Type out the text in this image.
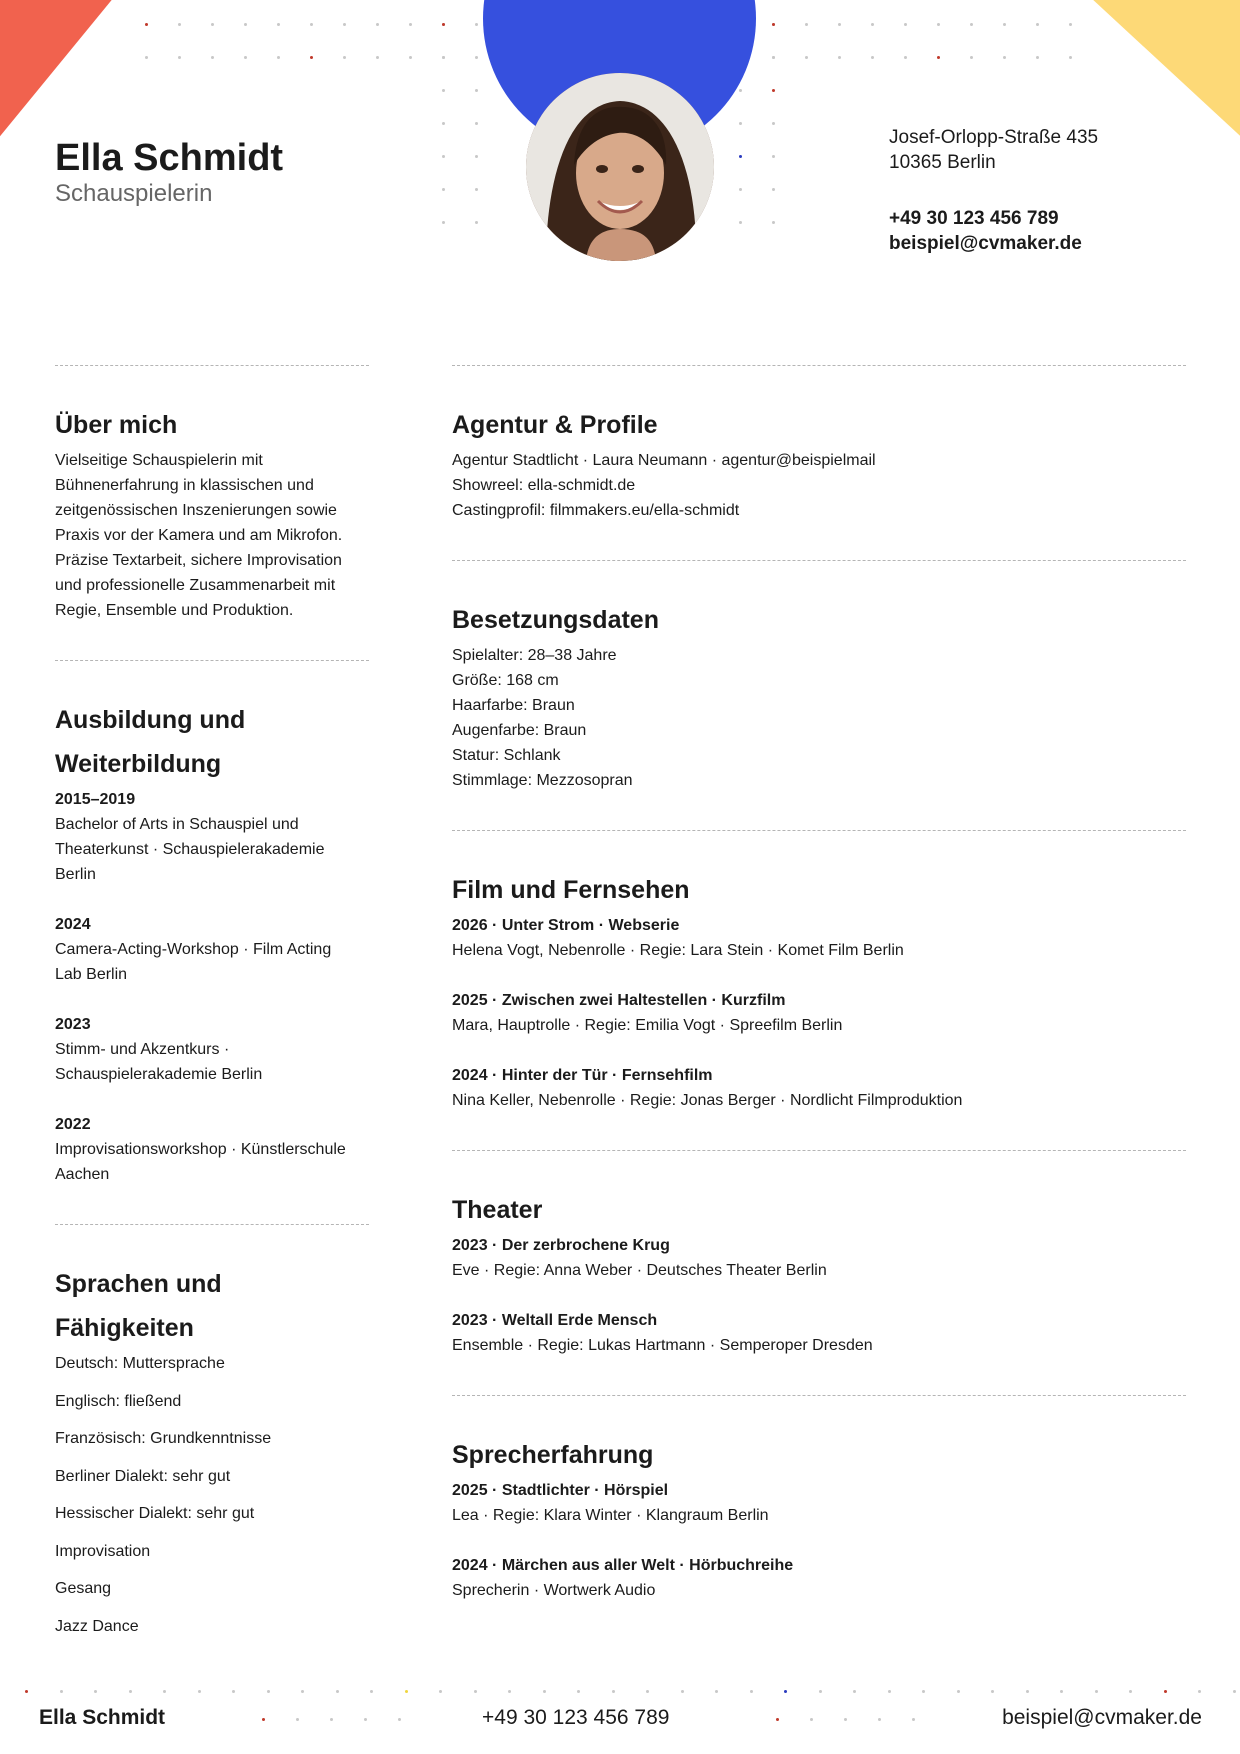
Ella Schmidt

Schauspielerin

Josef-Orlopp-Straße 435
10365 Berlin
+49 30 123 456 789
beispiel@cvmaker.de
Über mich

Vielseitige Schauspielerin mit

Bühnenerfahrung in klassischen und

zeitgenössischen Inszenierungen sowie

Praxis vor der Kamera und am Mikrofon.

Präzise Textarbeit, sichere Improvisation

und professionelle Zusammenarbeit mit

Regie, Ensemble und Produktion.

Ausbildung und
Weiterbildung

2015–2019

Bachelor of Arts in Schauspiel und

Theaterkunst · Schauspielerakademie

Berlin

2024

Camera-Acting-Workshop · Film Acting

Lab Berlin

2023

Stimm- und Akzentkurs ·

Schauspielerakademie Berlin

2022

Improvisationsworkshop · Künstlerschule

Aachen

Sprachen und
Fähigkeiten

Deutsch: Muttersprache

Englisch: fließend

Französisch: Grundkenntnisse

Berliner Dialekt: sehr gut

Hessischer Dialekt: sehr gut

Improvisation

Gesang

Jazz Dance

Agentur & Profile

Agentur Stadtlicht · Laura Neumann · agentur@beispielmail

Showreel: ella-schmidt.de

Castingprofil: filmmakers.eu/ella-schmidt

Besetzungsdaten

Spielalter: 28–38 Jahre

Größe: 168 cm

Haarfarbe: Braun

Augenfarbe: Braun

Statur: Schlank

Stimmlage: Mezzosopran

Film und Fernsehen

2026 · Unter Strom · Webserie

Helena Vogt, Nebenrolle · Regie: Lara Stein · Komet Film Berlin

2025 · Zwischen zwei Haltestellen · Kurzfilm

Mara, Hauptrolle · Regie: Emilia Vogt · Spreefilm Berlin

2024 · Hinter der Tür · Fernsehfilm

Nina Keller, Nebenrolle · Regie: Jonas Berger · Nordlicht Filmproduktion

Theater

2023 · Der zerbrochene Krug

Eve · Regie: Anna Weber · Deutsches Theater Berlin

2023 · Weltall Erde Mensch

Ensemble · Regie: Lukas Hartmann · Semperoper Dresden

Sprecherfahrung

2025 · Stadtlichter · Hörspiel

Lea · Regie: Klara Winter · Klangraum Berlin

2024 · Märchen aus aller Welt · Hörbuchreihe

Sprecherin · Wortwerk Audio

Ella Schmidt	+49 30 123 456 789	beispiel@cvmaker.de
